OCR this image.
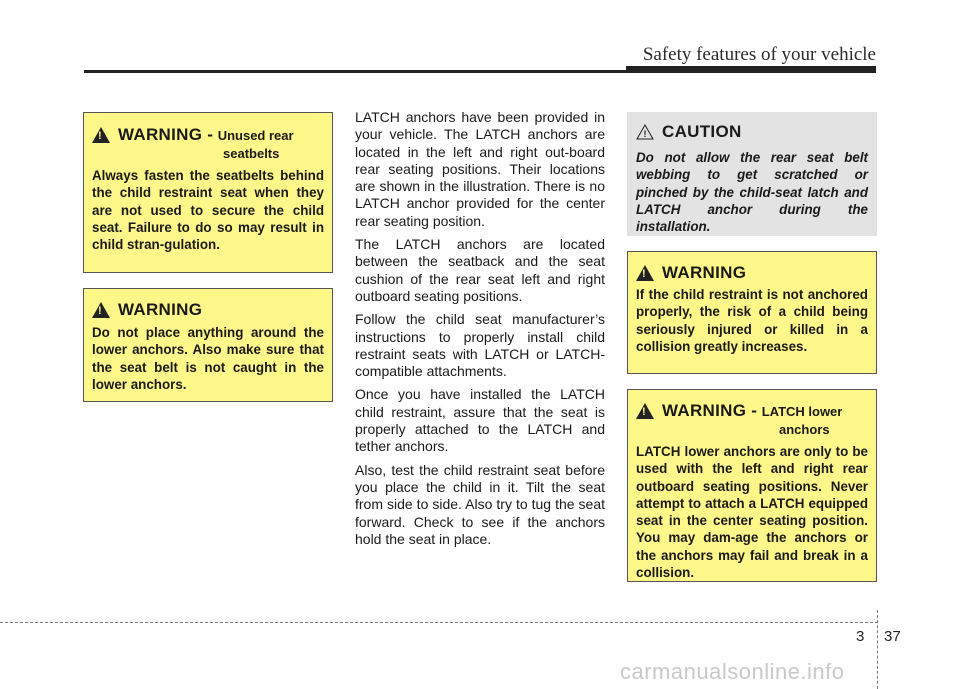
Safety features of your vehicle
!
WARNING - Unused rear
seatbelts
Always fasten the seatbelts behind the child restraint seat when they are not used to secure the child seat. Failure to do so may result in child stran-gulation.
!
WARNING
Do not place anything around the lower anchors. Also make sure that the seat belt is not caught in the lower anchors.

LATCH anchors have been provided in your vehicle. The LATCH anchors are located in the left and right out-board rear seating positions. Their locations are shown in the illustration. There is no LATCH anchor provided for the center rear seating position.

The LATCH anchors are located between the seatback and the seat cushion of the rear seat left and right outboard seating positions.

Follow the child seat manufacturer’s instructions to properly install child restraint seats with LATCH or LATCH-compatible attachments.

Once you have installed the LATCH child restraint, assure that the seat is properly attached to the LATCH and tether anchors.

Also, test the child restraint seat before you place the child in it. Tilt the seat from side to side. Also try to tug the seat forward. Check to see if the anchors hold the seat in place.

! CAUTION
Do not allow the rear seat belt webbing to get scratched or pinched by the child-seat latch and LATCH anchor during the installation.
!
WARNING
If the child restraint is not anchored properly, the risk of a child being seriously injured or killed in a collision greatly increases.
!
WARNING - LATCH lower
anchors
LATCH lower anchors are only to be used with the left and right rear outboard seating positions. Never attempt to attach a LATCH equipped seat in the center seating position. You may dam-age the anchors or the anchors may fail and break in a collision.
3 37
carmanualsonline.info
